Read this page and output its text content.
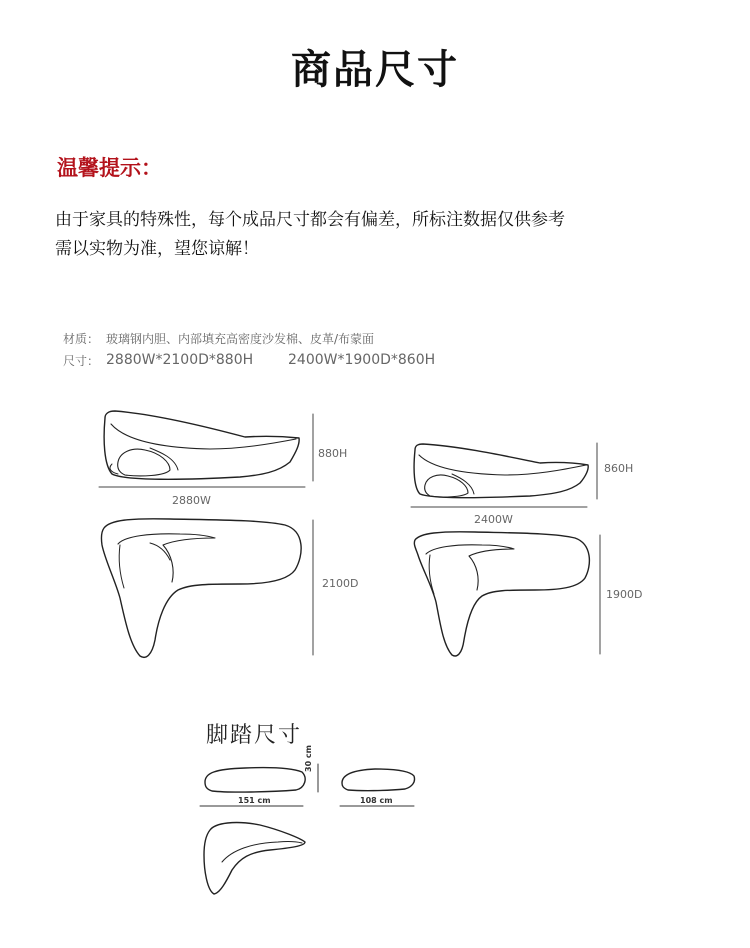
商品尺寸
温馨提示：
由于家具的特殊性，每个成品尺寸都会有偏差，所标注数据仅供参考
需以实物为准，望您谅解！
材质： 玻璃钢内胆、内部填充高密度沙发棉、皮革/布蒙面
尺寸： 2880W*2100D*880H 2400W*1900D*860H
880H
2880W
2100D
860H
2400W
1900D
脚踏尺寸
151 cm	108 cm
30 cm
